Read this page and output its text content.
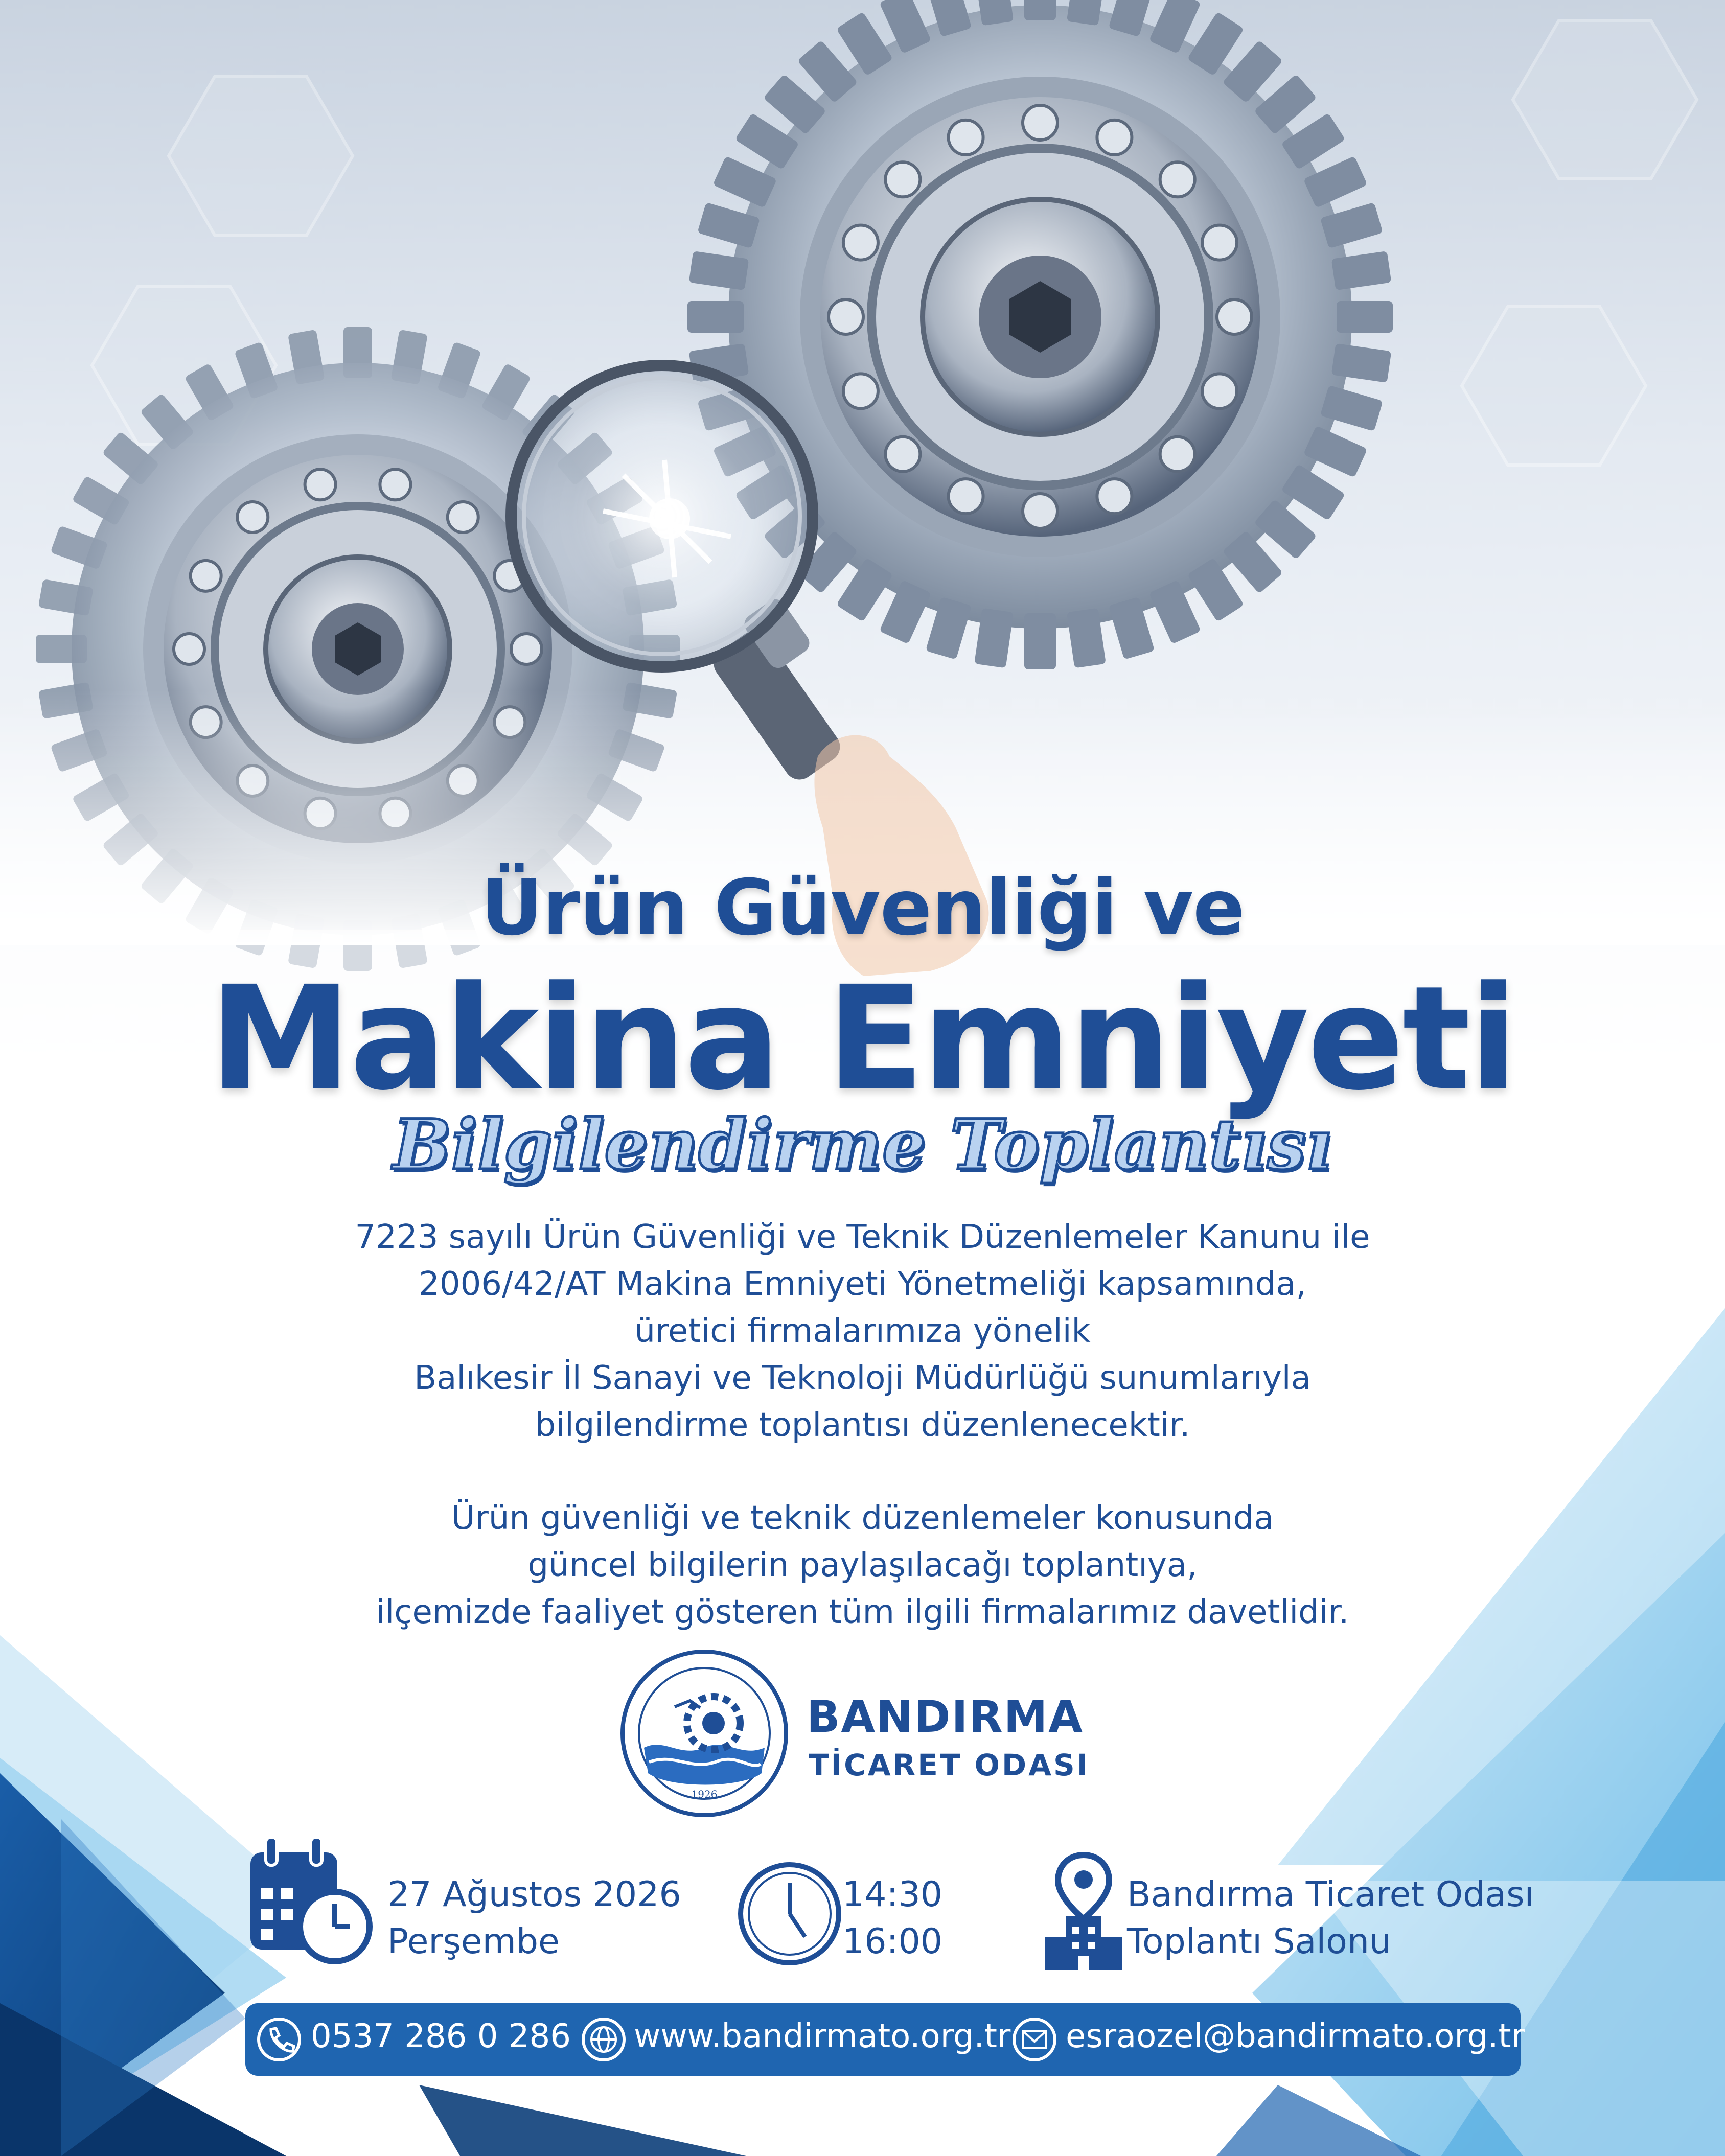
1926
Ürün Güvenliği ve
Makina Emniyeti
Bilgilendirme Toplantısı
7223 sayılı Ürün Güvenliği ve Teknik Düzenlemeler Kanunu ile
2006/42/AT Makina Emniyeti Yönetmeliği kapsamında,
üretici firmalarımıza yönelik
Balıkesir İl Sanayi ve Teknoloji Müdürlüğü sunumlarıyla
bilgilendirme toplantısı düzenlenecektir.
Ürün güvenliği ve teknik düzenlemeler konusunda
güncel bilgilerin paylaşılacağı toplantıya,
ilçemizde faaliyet gösteren tüm ilgili firmalarımız davetlidir.
BANDIRMA
TİCARET ODASI
27 Ağustos 2026
Perşembe
14:30
16:00
Bandırma Ticaret Odası
Toplantı Salonu
0537 286 0 286 www.bandirmato.org.tr esraozel@bandirmato.org.tr
